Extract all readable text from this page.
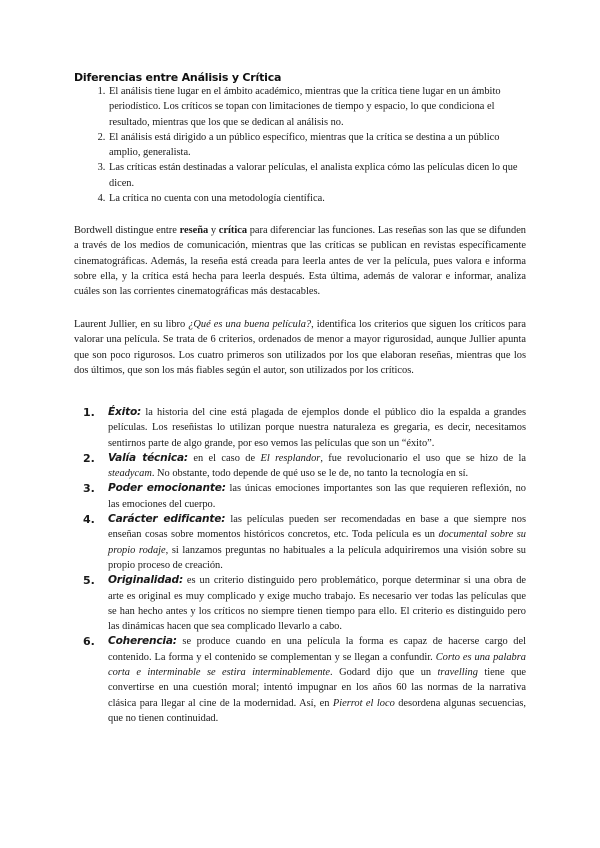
Diferencias entre Análisis y Crítica
1. El análisis tiene lugar en el ámbito académico, mientras que la crítica tiene lugar en un ámbito periodístico. Los críticos se topan con limitaciones de tiempo y espacio, lo que condiciona el resultado, mientras que los que se dedican al análisis no.
2. El análisis está dirigido a un público específico, mientras que la crítica se destina a un público amplio, generalista.
3. Las críticas están destinadas a valorar películas, el analista explica cómo las películas dicen lo que dicen.
4. La crítica no cuenta con una metodología científica.

Bordwell distingue entre reseña y crítica para diferenciar las funciones. Las reseñas son las que se difunden a través de los medios de comunicación, mientras que las críticas se publican en revistas específicamente cinematográficas. Además, la reseña está creada para leerla antes de ver la película, pues valora e informa sobre ella, y la crítica está hecha para leerla después. Esta última, además de valorar e informar, analiza cuáles son las corrientes cinematográficas más destacables.

Laurent Jullier, en su libro ¿Qué es una buena película?, identifica los criterios que siguen los críticos para valorar una película. Se trata de 6 criterios, ordenados de menor a mayor rigurosidad, aunque Jullier apunta que son poco rigurosos. Los cuatro primeros son utilizados por los que elaboran reseñas, mientras que los dos últimos, que son los más fiables según el autor, son utilizados por los críticos.

1. Éxito: la historia del cine está plagada de ejemplos donde el público dio la espalda a grandes películas. Los reseñistas lo utilizan porque nuestra naturaleza es gregaria, es decir, necesitamos sentirnos parte de algo grande, por eso vemos las películas que son un “éxito”.
2. Valía técnica: en el caso de El resplandor, fue revolucionario el uso que se hizo de la steadycam. No obstante, todo depende de qué uso se le de, no tanto la tecnología en sí.
3. Poder emocionante: las únicas emociones importantes son las que requieren reflexión, no las emociones del cuerpo.
4. Carácter edificante: las películas pueden ser recomendadas en base a que siempre nos enseñan cosas sobre momentos históricos concretos, etc. Toda película es un documental sobre su propio rodaje, si lanzamos preguntas no habituales a la película adquiriremos una visión sobre su propio proceso de creación.
5. Originalidad: es un criterio distinguido pero problemático, porque determinar si una obra de arte es original es muy complicado y exige mucho trabajo. Es necesario ver todas las películas que se han hecho antes y los críticos no siempre tienen tiempo para ello. El criterio es distinguido pero las dinámicas hacen que sea complicado llevarlo a cabo.
6. Coherencia: se produce cuando en una película la forma es capaz de hacerse cargo del contenido. La forma y el contenido se complementan y se llegan a confundir. Corto es una palabra corta e interminable se estira interminablemente. Godard dijo que un travelling tiene que convertirse en una cuestión moral; intentó impugnar en los años 60 las normas de la narrativa clásica para llegar al cine de la modernidad. Así, en Pierrot el loco desordena algunas secuencias, que no tienen continuidad.
